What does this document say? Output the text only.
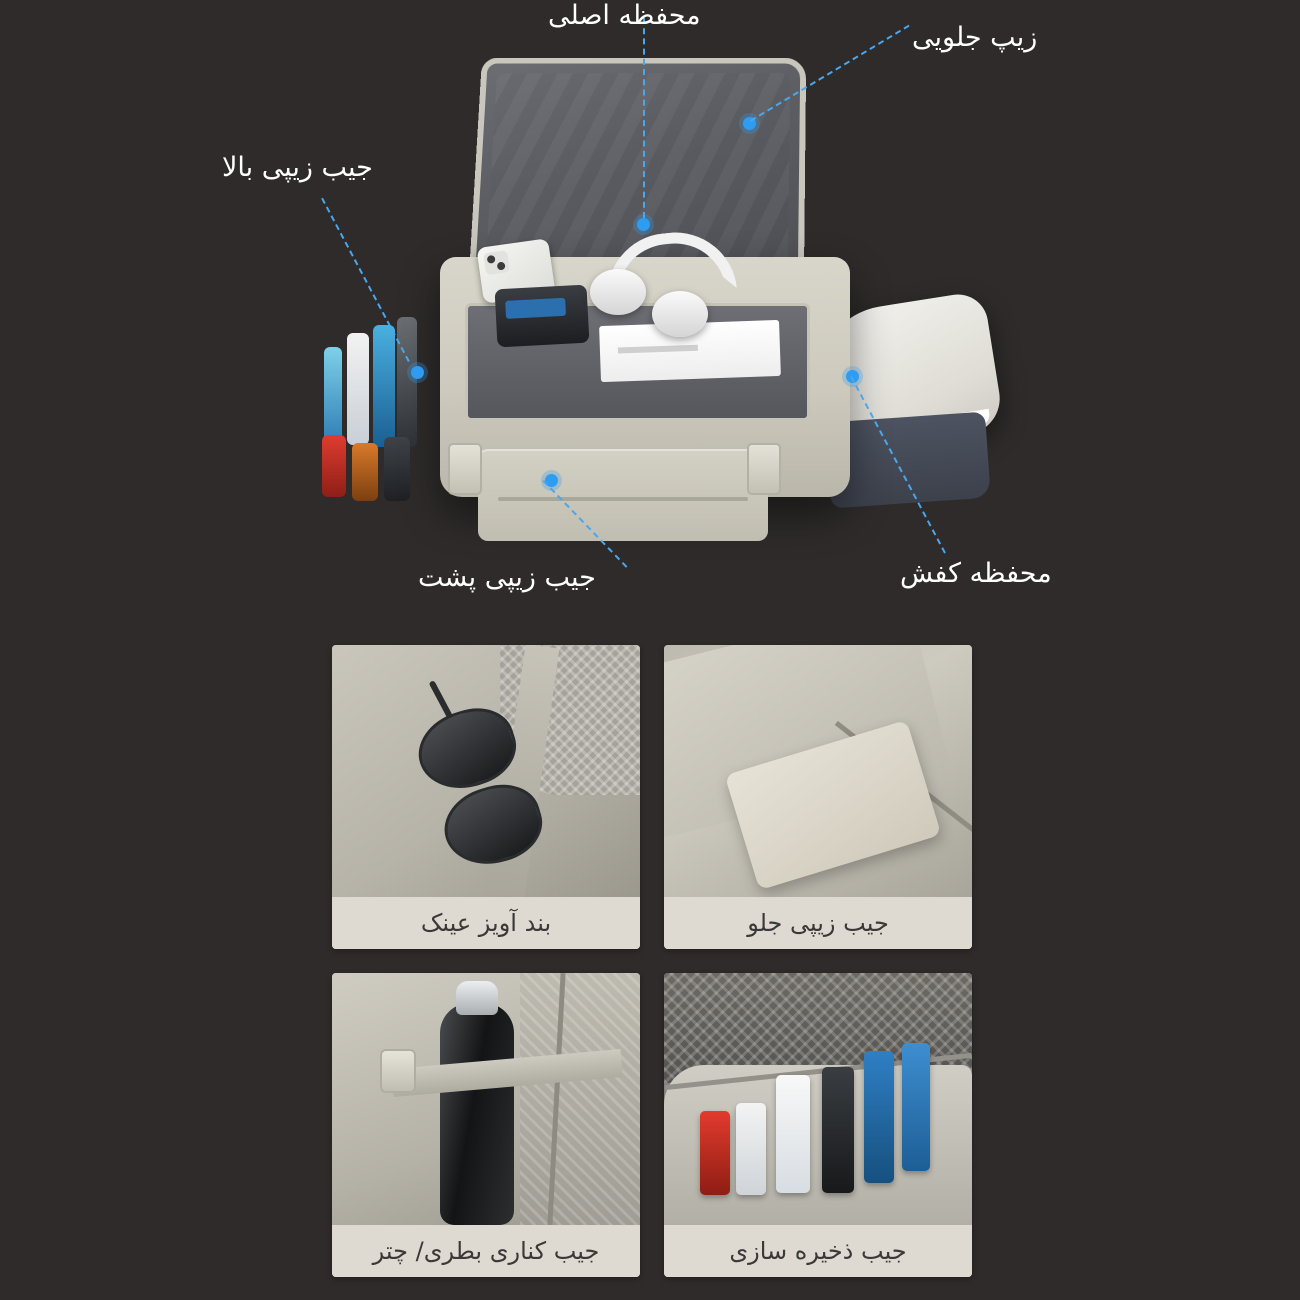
محفظه اصلی
زیپ جلویی
جیب زیپی بالا
جیب زیپی پشت	محفظه کفش
جیب زیپی جلو
بند آویز عینک
جیب ذخیره سازی
جیب کناری بطری/ چتر
